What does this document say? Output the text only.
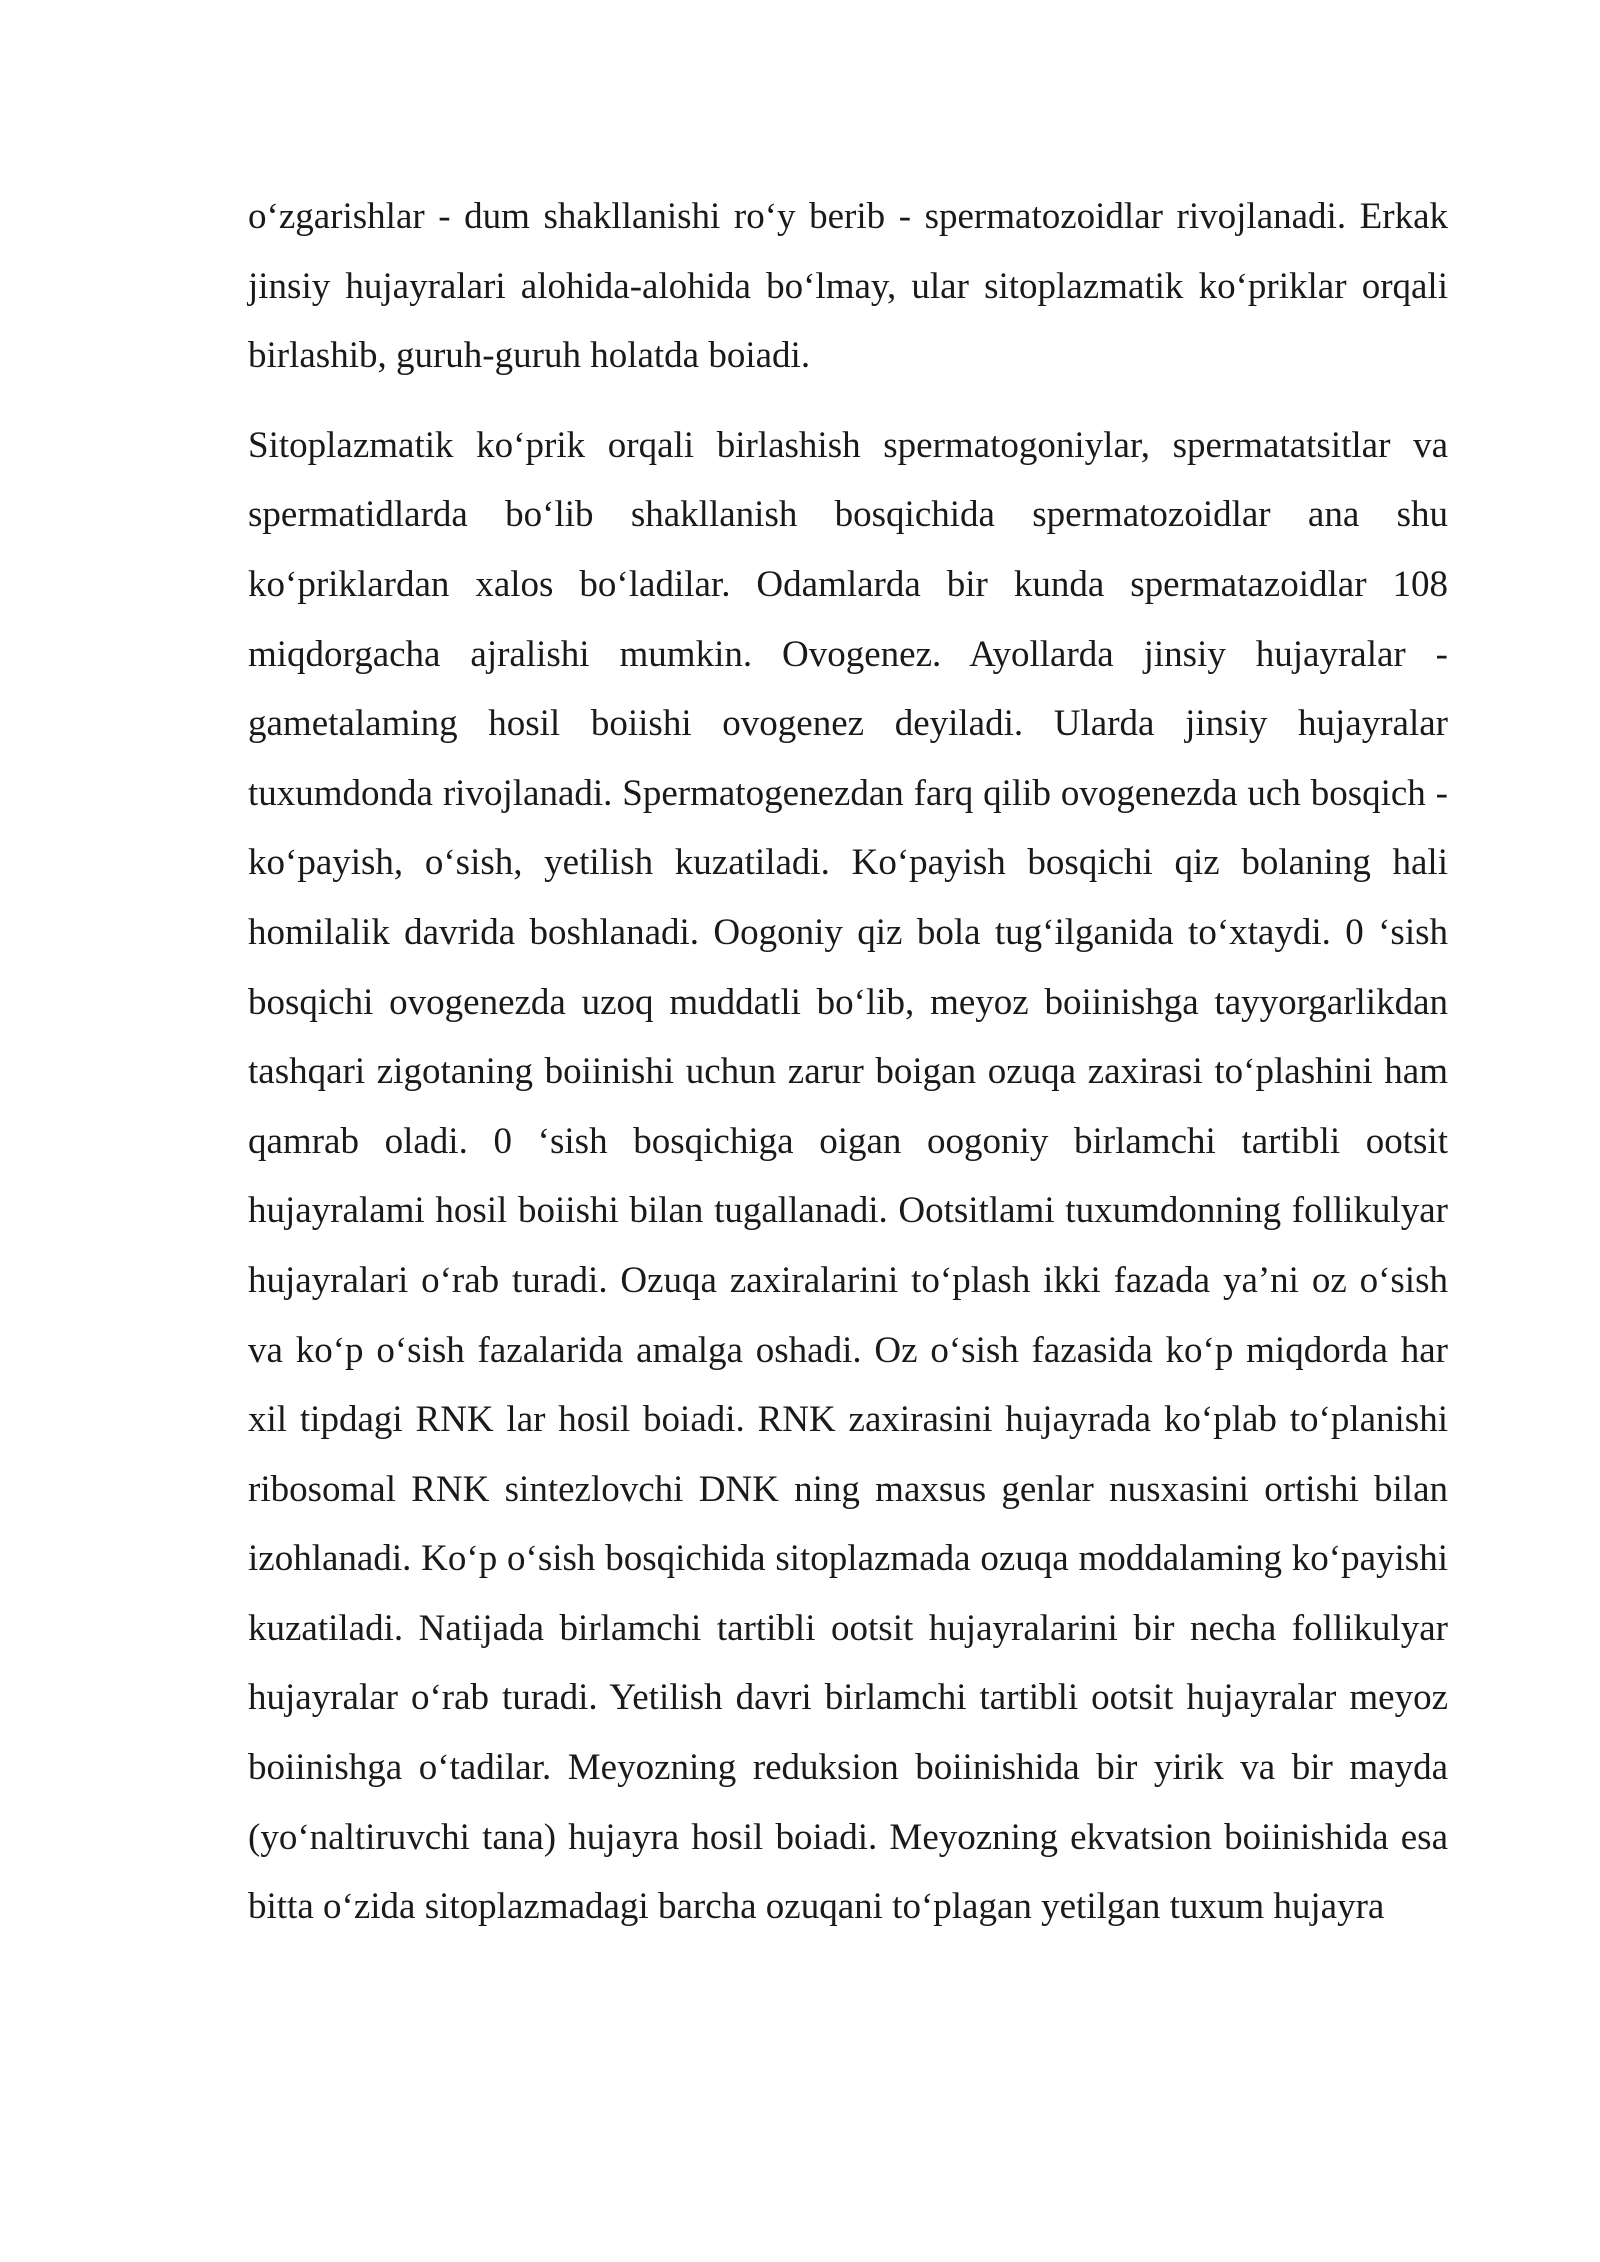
o‘zgarishlar - dum shakllanishi ro‘y berib - spermatozoidlar rivojlanadi. Erkak jinsiy hujayralari alohida-alohida bo‘lmay, ular sitoplazmatik ko‘priklar orqali birlashib, guruh-guruh holatda boiadi.

Sitoplazmatik ko‘prik orqali birlashish spermatogoniylar, spermatatsitlar va spermatidlarda bo‘lib shakllanish bosqichida spermatozoidlar ana shu ko‘priklardan xalos bo‘ladilar. Odamlarda bir kunda spermatazoidlar 108 miqdorgacha ajralishi mumkin. Ovogenez. Ayollarda jinsiy hujayralar - gametalaming hosil boiishi ovogenez deyiladi. Ularda jinsiy hujayralar tuxumdonda rivojlanadi. Spermatogenezdan farq qilib ovogenezda uch bosqich - ko‘payish, o‘sish, yetilish kuzatiladi. Ko‘payish bosqichi qiz bolaning hali homilalik davrida boshlanadi. Oogoniy qiz bola tug‘ilganida to‘xtaydi. 0 ‘sish bosqichi ovogenezda uzoq muddatli bo‘lib, meyoz boiinishga tayyorgarlikdan tashqari zigotaning boiinishi uchun zarur boigan ozuqa zaxirasi to‘plashini ham qamrab oladi. 0 ‘sish bosqichiga oigan oogoniy birlamchi tartibli ootsit hujayralami hosil boiishi bilan tugallanadi. Ootsitlami tuxumdonning follikulyar hujayralari o‘rab turadi. Ozuqa zaxiralarini to‘plash ikki fazada ya’ni oz o‘sish va ko‘p o‘sish fazalarida amalga oshadi. Oz o‘sish fazasida ko‘p miqdorda har xil tipdagi RNK lar hosil boiadi. RNK zaxirasini hujayrada ko‘plab to‘planishi ribosomal RNK sintezlovchi DNK ning maxsus genlar nusxasini ortishi bilan izohlanadi. Ko‘p o‘sish bosqichida sitoplazmada ozuqa moddalaming ko‘payishi kuzatiladi. Natijada birlamchi tartibli ootsit hujayralarini bir necha follikulyar hujayralar o‘rab turadi. Yetilish davri birlamchi tartibli ootsit hujayralar meyoz boiinishga o‘tadilar. Meyozning reduksion boiinishida bir yirik va bir mayda (yo‘naltiruvchi tana) hujayra hosil boiadi. Meyozning ekvatsion boiinishida esa bitta o‘zida sitoplazmadagi barcha ozuqani to‘plagan yetilgan tuxum hujayra
